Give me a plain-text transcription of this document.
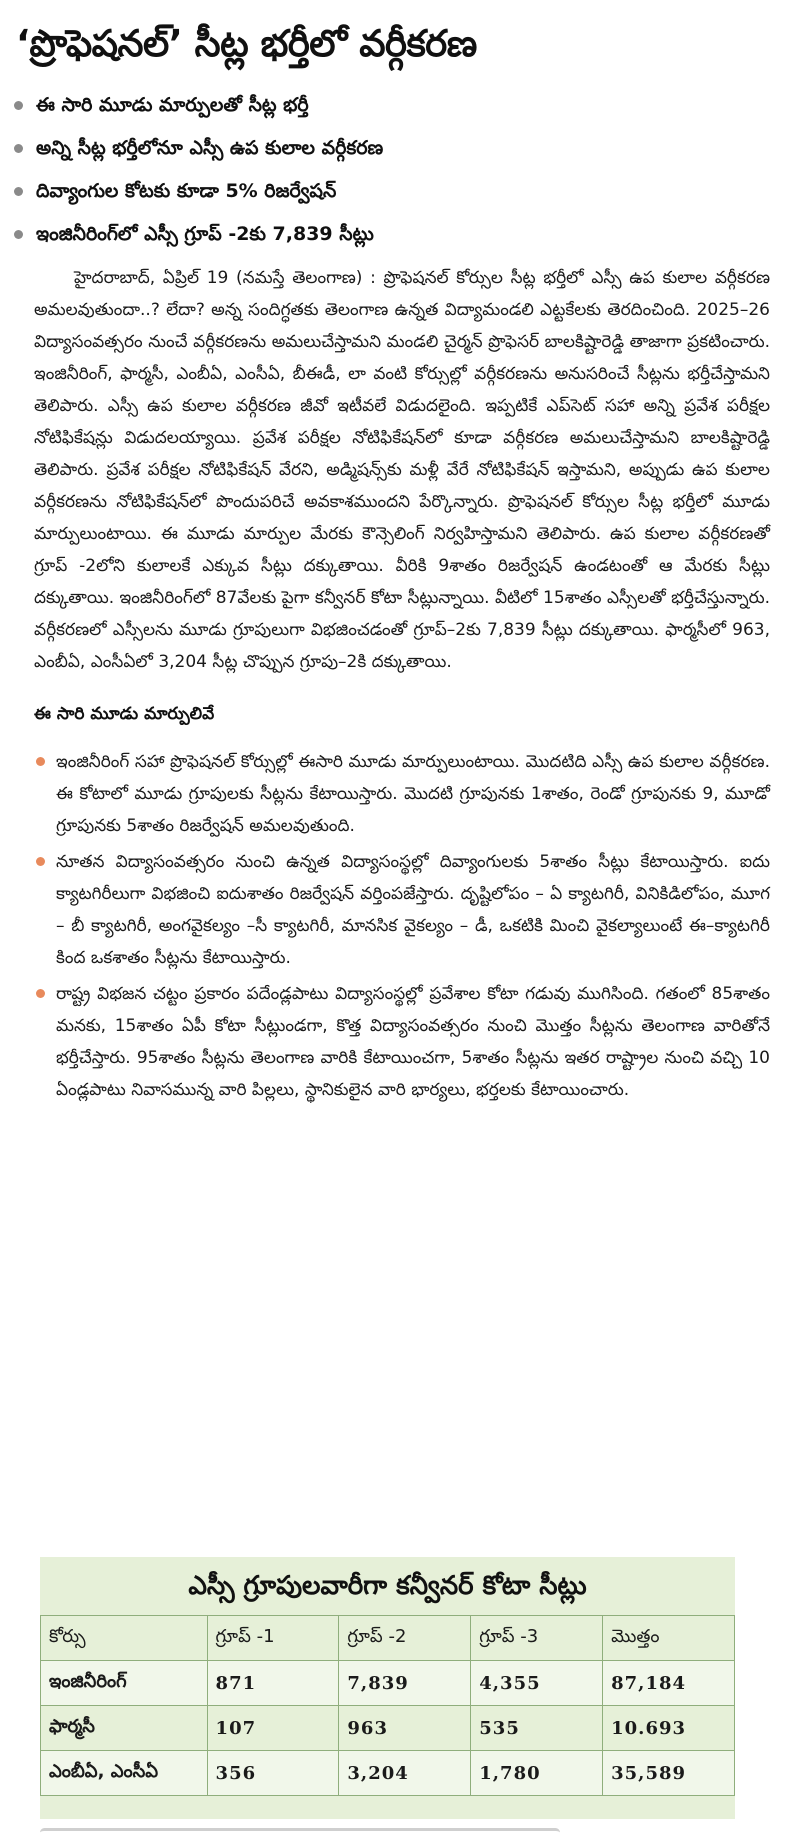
‘ప్రొఫెషనల్’ సీట్ల భర్తీలో వర్గీకరణ
ఈ సారి మూడు మార్పులతో సీట్ల భర్తీ
అన్ని సీట్ల భర్తీలోనూ ఎస్సీ ఉప కులాల వర్గీకరణ
దివ్యాంగుల కోటకు కూడా 5% రిజర్వేషన్
ఇంజినీరింగ్‌లో ఎస్సీ గ్రూప్ -2కు 7,839 సీట్లు

హైదరాబాద్, ఏప్రిల్ 19 (నమస్తే తెలంగాణ) : ప్రొఫెషనల్ కోర్సుల సీట్ల భర్తీలో ఎస్సీ ఉప కులాల వర్గీకరణ అమలవుతుందా..? లేదా? అన్న సందిగ్ధతకు తెలంగాణ ఉన్నత విద్యామండలి ఎట్టకేలకు తెరదించింది. 2025–26 విద్యాసంవత్సరం నుంచే వర్గీకరణను అమలుచేస్తామని మండలి చైర్మన్ ప్రొఫెసర్ బాలకిష్టారెడ్డి తాజాగా ప్రకటించారు. ఇంజినీరింగ్, ఫార్మసీ, ఎంబీఏ, ఎంసీఏ, బీఈడీ, లా వంటి కోర్సుల్లో వర్గీకరణను అనుసరించే సీట్లను భర్తీచేస్తామని తెలిపారు. ఎస్సీ ఉప కులాల వర్గీకరణ జీవో ఇటీవలే విడుదలైంది. ఇప్పటికే ఎప్‌సెట్ సహా అన్ని ప్రవేశ పరీక్షల నోటిఫికేషన్లు విడుదలయ్యాయి. ప్రవేశ పరీక్షల నోటిఫికేషన్‌లో కూడా వర్గీకరణ అమలుచేస్తామని బాలకిష్టారెడ్డి తెలిపారు. ప్రవేశ పరీక్షల నోటిఫికేషన్ వేరని, అడ్మిషన్స్‌కు మళ్లీ వేరే నోటిఫికేషన్ ఇస్తామని, అప్పుడు ఉప కులాల వర్గీకరణను నోటిఫికేషన్‌లో పొందుపరిచే అవకాశముందని పేర్కొన్నారు. ప్రొఫెషనల్ కోర్సుల సీట్ల భర్తీలో మూడు మార్పులుంటాయి. ఈ మూడు మార్పుల మేరకు కౌన్సెలింగ్ నిర్వహిస్తామని తెలిపారు. ఉప కులాల వర్గీకరణతో గ్రూప్ -2లోని కులాలకే ఎక్కువ సీట్లు దక్కుతాయి. వీరికి 9శాతం రిజర్వేషన్ ఉండటంతో ఆ మేరకు సీట్లు దక్కుతాయి. ఇంజినీరింగ్‌లో 87వేలకు పైగా కన్వీనర్ కోటా సీట్లున్నాయి. వీటిలో 15శాతం ఎస్సీలతో భర్తీచేస్తున్నారు. వర్గీకరణలో ఎస్సీలను మూడు గ్రూపులుగా విభజించడంతో గ్రూప్–2కు 7,839 సీట్లు దక్కుతాయి. ఫార్మసీలో 963, ఎంబీఏ, ఎంసీఏలో 3,204 సీట్ల చొప్పున గ్రూపు–2కి దక్కుతాయి.

ఈ సారి మూడు మార్పులివే
ఇంజినీరింగ్ సహా ప్రొఫెషనల్ కోర్సుల్లో ఈసారి మూడు మార్పులుంటాయి. మొదటిది ఎస్సీ ఉప కులాల వర్గీకరణ. ఈ కోటాలో మూడు గ్రూపులకు సీట్లను కేటాయిస్తారు. మొదటి గ్రూపునకు 1శాతం, రెండో గ్రూపునకు 9, మూడో గ్రూపునకు 5శాతం రిజర్వేషన్ అమలవుతుంది.
నూతన విద్యాసంవత్సరం నుంచి ఉన్నత విద్యాసంస్థల్లో దివ్యాంగులకు 5శాతం సీట్లు కేటాయిస్తారు. ఐదు క్యాటగిరీలుగా విభజించి ఐదుశాతం రిజర్వేషన్ వర్తింపజేస్తారు. దృష్టిలోపం – ఏ క్యాటగిరీ, వినికిడిలోపం, మూగ – బీ క్యాటగిరీ, అంగవైకల్యం –సీ క్యాటగిరీ, మానసిక వైకల్యం – డీ, ఒకటికి మించి వైకల్యాలుంటే ఈ–క్యాటగిరీ కింద ఒకశాతం సీట్లను కేటాయిస్తారు.
రాష్ట్ర విభజన చట్టం ప్రకారం పదేండ్లపాటు విద్యాసంస్థల్లో ప్రవేశాల కోటా గడువు ముగిసింది. గతంలో 85శాతం మనకు, 15శాతం ఏపీ కోటా సీట్లుండగా, కొత్త విద్యాసంవత్సరం నుంచి మొత్తం సీట్లను తెలంగాణ వారితోనే భర్తీచేస్తారు. 95శాతం సీట్లను తెలంగాణ వారికి కేటాయించగా, 5శాతం సీట్లను ఇతర రాష్ట్రాల నుంచి వచ్చి 10 ఏండ్లపాటు నివాసమున్న వారి పిల్లలు, స్థానికులైన వారి భార్యలు, భర్తలకు కేటాయించారు.
ఎస్సీ గ్రూపులవారీగా కన్వీనర్ కోటా సీట్లు
కోర్సు	గ్రూప్ -1	గ్రూప్ -2	గ్రూప్ -3	మొత్తం
ఇంజినీరింగ్	871	7,839	4,355	87,184
ఫార్మసీ	107	963	535	10.693
ఎంబీఏ, ఎంసీఏ	356	3,204	1,780	35,589
